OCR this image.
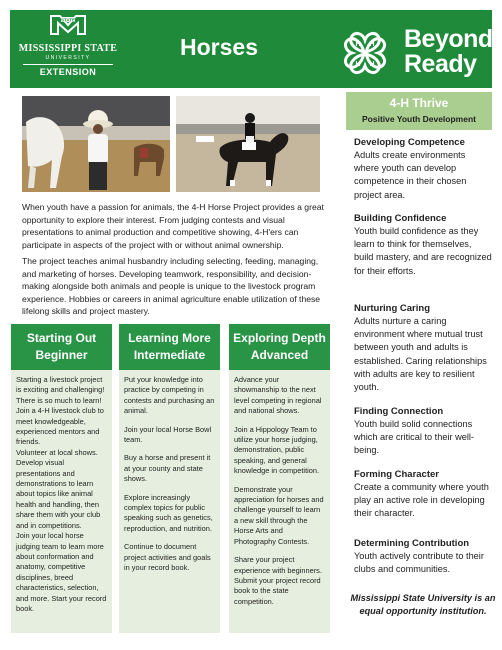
STATE
MISSISSIPPI STATE
UNIVERSITY
EXTENSION
Horses	H H
H H
Beyond
Ready

When youth have a passion for animals, the 4-H Horse Project provides a great opportunity to explore their interest. From judging contests and visual presentations to animal production and competitive showing, 4-H'ers can participate in aspects of the project with or without animal ownership.

The project teaches animal husbandry including selecting, feeding, managing, and marketing of horses. Developing teamwork, responsibility, and decision-making alongside both animals and people is unique to the livestock program experience. Hobbies or careers in animal agriculture enable utilization of these lifelong skills and project mastery.

Starting Out
Beginner

Starting a livestock project is exciting and challenging! There is so much to learn! Join a 4-H livestock club to meet knowledgeable, experienced mentors and friends.
Volunteer at local shows.
Develop visual presentations and demonstrations to learn about topics like animal health and handling, then share them with your club and in competitions.
Join your local horse judging team to learn more about conformation and anatomy, competitive disciplines, breed characteristics, selection, and more. Start your record book.

Learning More
Intermediate

Put your knowledge into practice by competing in contests and purchasing an animal.

Join your local Horse Bowl team.

Buy a horse and present it at your county and state shows.

Explore increasingly complex topics for public speaking such as genetics, reproduction, and nutrition.

Continue to document project activities and goals in your record book.

Exploring Depth
Advanced

Advance your showmanship to the next level competing in regional and national shows.

Join a Hippology Team to utilize your horse judging, demonstration, public speaking, and general knowledge in competition.

Demonstrate your appreciation for horses and challenge yourself to learn a new skill through the Horse Arts and Photography Contests.

Share your project experience with beginners. Submit your project record book to the state competition.

4-H Thrive
Positive Youth Development
Developing Competence

Adults create environments where youth can develop competence in their chosen project area.

Building Confidence

Youth build confidence as they learn to think for themselves, build mastery, and are recognized for their efforts.

Nurturing Caring

Adults nurture a caring environment where mutual trust between youth and adults is established. Caring relationships with adults are key to resilient youth.

Finding Connection

Youth build solid connections which are critical to their well-being.

Forming Character

Create a community where youth play an active role in developing their character.

Determining Contribution

Youth actively contribute to their clubs and communities.

Mississippi State University is an equal opportunity institution.
